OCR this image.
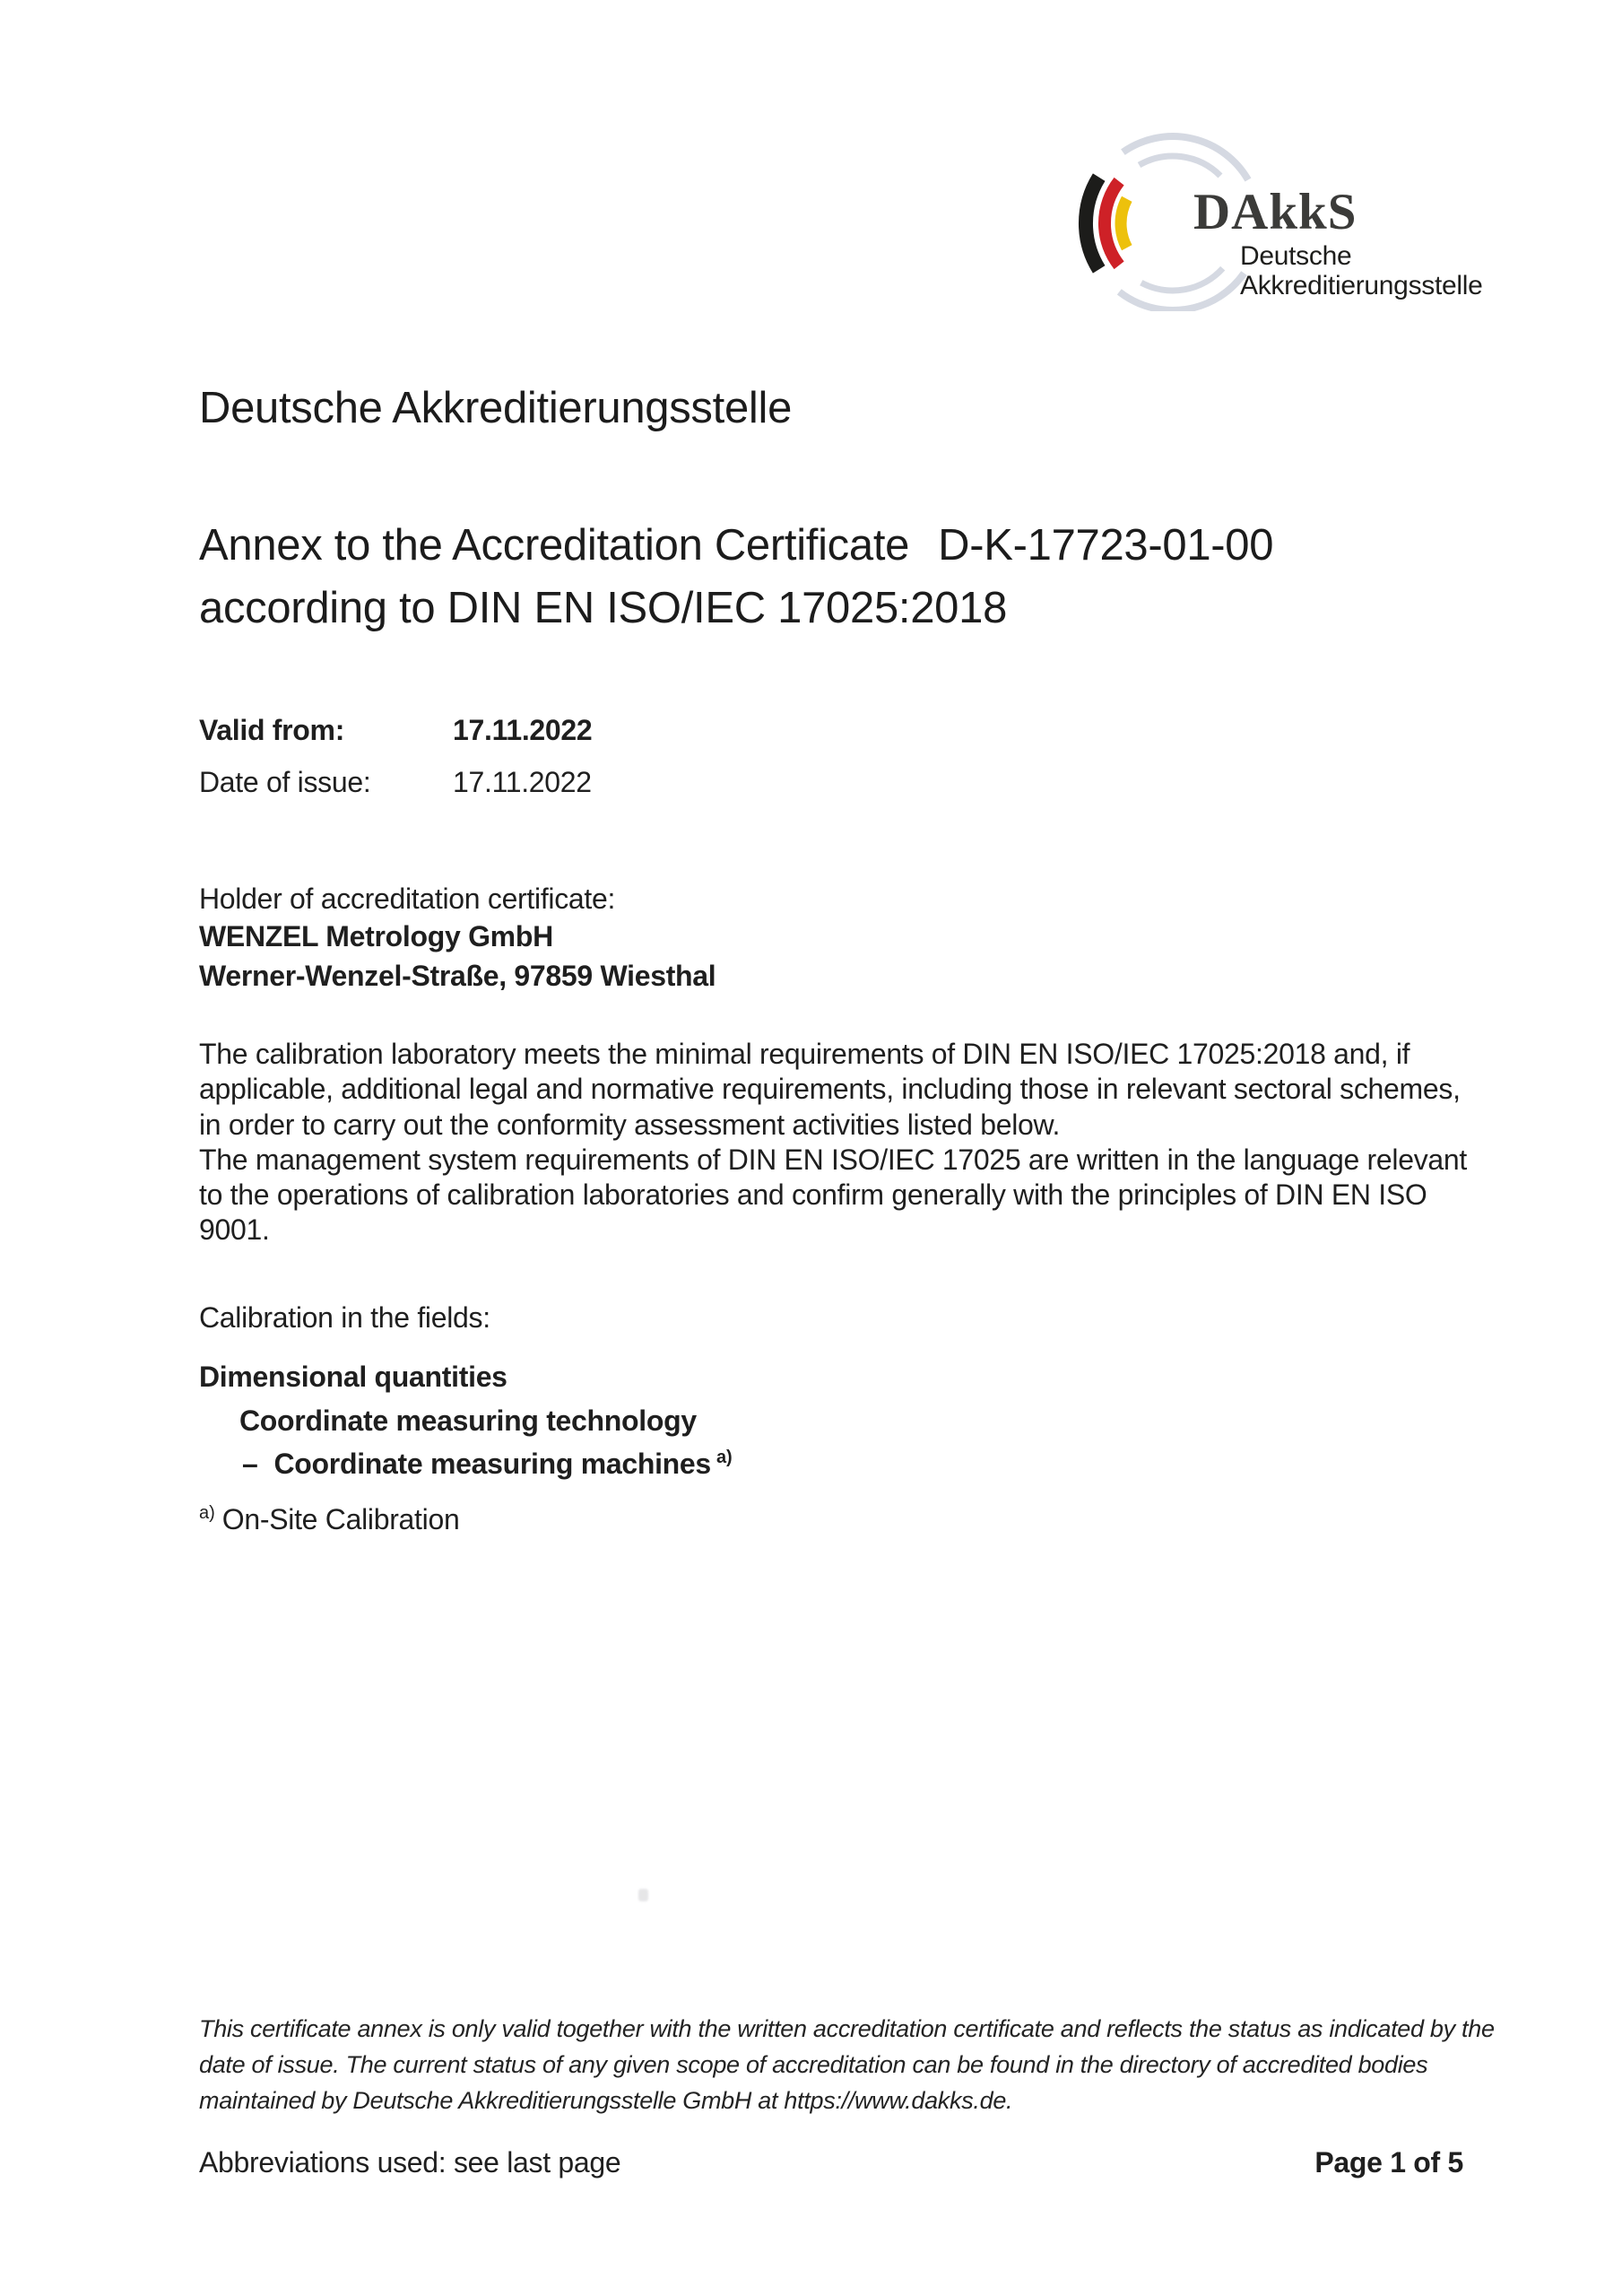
DAkkS
Deutsche
Akkreditierungsstelle
Deutsche Akkreditierungsstelle
Annex to the Accreditation Certificate D-K-17723-01-00
according to DIN EN ISO/IEC 17025:2018
Valid from:	17.11.2022
Date of issue:	17.11.2022
Holder of accreditation certificate:
WENZEL Metrology GmbH
Werner-Wenzel-Straße, 97859 Wiesthal
The calibration laboratory meets the minimal requirements of DIN EN ISO/IEC 17025:2018 and, if
applicable, additional legal and normative requirements, including those in relevant sectoral schemes,
in order to carry out the conformity assessment activities listed below.
The management system requirements of DIN EN ISO/IEC 17025 are written in the language relevant
to the operations of calibration laboratories and confirm generally with the principles of DIN EN ISO
9001.
Calibration in the fields:
Dimensional quantities
Coordinate measuring technology
– Coordinate measuring machines a)
a) On-Site Calibration
This certificate annex is only valid together with the written accreditation certificate and reflects the status as indicated by the
date of issue. The current status of any given scope of accreditation can be found in the directory of accredited bodies
maintained by Deutsche Akkreditierungsstelle GmbH at https://www.dakks.de.
Abbreviations used: see last page	Page 1 of 5
